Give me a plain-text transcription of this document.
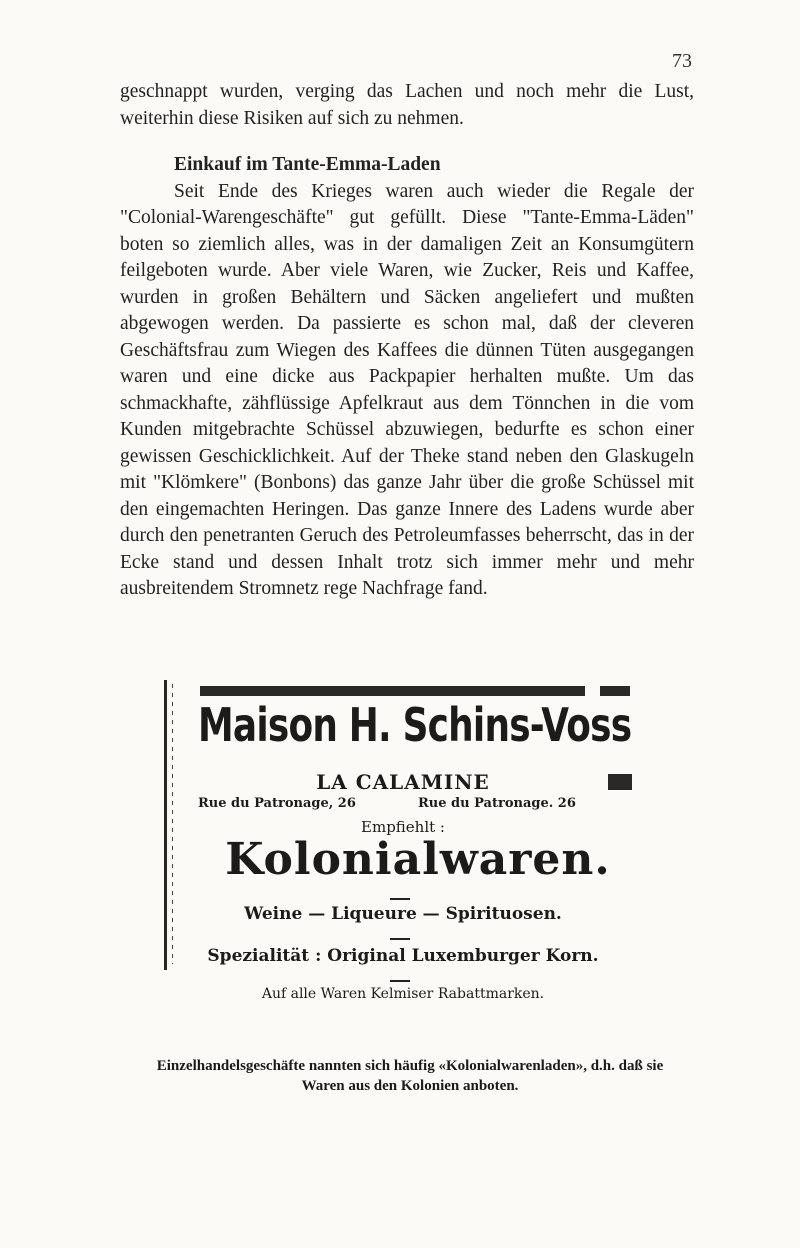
73

geschnappt wurden, verging das Lachen und noch mehr die Lust, weiterhin diese Risiken auf sich zu nehmen.

Einkauf im Tante-Emma-Laden

Seit Ende des Krieges waren auch wieder die Regale der "Colonial-Warengeschäfte" gut gefüllt. Diese "Tante-Emma-Läden" boten so ziemlich alles, was in der damaligen Zeit an Konsumgütern feilgeboten wurde. Aber viele Waren, wie Zucker, Reis und Kaffee, wurden in großen Behältern und Säcken angeliefert und mußten abgewogen werden. Da passierte es schon mal, daß der cleveren Geschäftsfrau zum Wiegen des Kaffees die dünnen Tüten ausgegangen waren und eine dicke aus Packpapier herhalten mußte. Um das schmackhafte, zähflüssige Apfelkraut aus dem Tönnchen in die vom Kunden mitgebrachte Schüssel abzuwiegen, bedurfte es schon einer gewissen Geschicklichkeit. Auf der Theke stand neben den Glaskugeln mit "Klömkere" (Bonbons) das ganze Jahr über die große Schüssel mit den eingemachten Heringen. Das ganze Innere des Ladens wurde aber durch den penetranten Geruch des Petroleumfasses beherrscht, das in der Ecke stand und dessen Inhalt trotz sich immer mehr und mehr ausbreitendem Stromnetz rege Nachfrage fand.

Maison H. Schins-Voss
LA CALAMINE
Rue du Patronage, 26	Rue du Patronage. 26
Empfiehlt :
Kolonialwaren.
Weine — Liqueure — Spirituosen.
Spezialität : Original Luxemburger Korn.
Auf alle Waren Kelmiser Rabattmarken.
Einzelhandelsgeschäfte nannten sich häufig «Kolonialwarenladen», d.h. daß sie
Waren aus den Kolonien anboten.
